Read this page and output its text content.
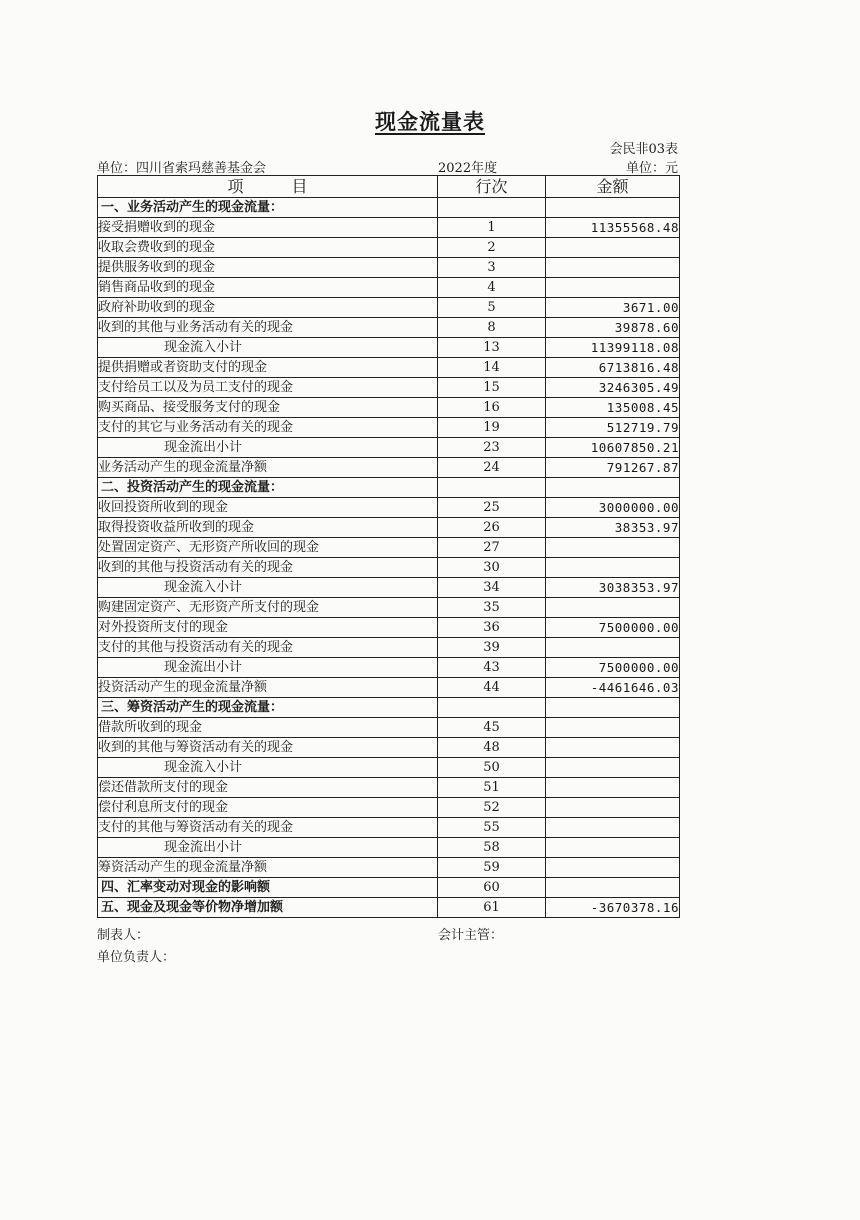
现金流量表
会民非03表
单位：四川省索玛慈善基金会	2022年度	单位：元
项目	行次	金额
一、业务活动产生的现金流量：		
接受捐赠收到的现金	1	11355568.48
收取会费收到的现金	2	
提供服务收到的现金	3	
销售商品收到的现金	4	
政府补助收到的现金	5	3671.00
收到的其他与业务活动有关的现金	8	39878.60
现金流入小计	13	11399118.08
提供捐赠或者资助支付的现金	14	6713816.48
支付给员工以及为员工支付的现金	15	3246305.49
购买商品、接受服务支付的现金	16	135008.45
支付的其它与业务活动有关的现金	19	512719.79
现金流出小计	23	10607850.21
业务活动产生的现金流量净额	24	791267.87
二、投资活动产生的现金流量：		
收回投资所收到的现金	25	3000000.00
取得投资收益所收到的现金	26	38353.97
处置固定资产、无形资产所收回的现金	27	
收到的其他与投资活动有关的现金	30	
现金流入小计	34	3038353.97
购建固定资产、无形资产所支付的现金	35	
对外投资所支付的现金	36	7500000.00
支付的其他与投资活动有关的现金	39	
现金流出小计	43	7500000.00
投资活动产生的现金流量净额	44	-4461646.03
三、筹资活动产生的现金流量：		
借款所收到的现金	45	
收到的其他与筹资活动有关的现金	48	
现金流入小计	50	
偿还借款所支付的现金	51	
偿付利息所支付的现金	52	
支付的其他与筹资活动有关的现金	55	
现金流出小计	58	
筹资活动产生的现金流量净额	59	
四、汇率变动对现金的影响额	60	
五、现金及现金等价物净增加额	61	-3670378.16
制表人：	会计主管：
单位负责人：
